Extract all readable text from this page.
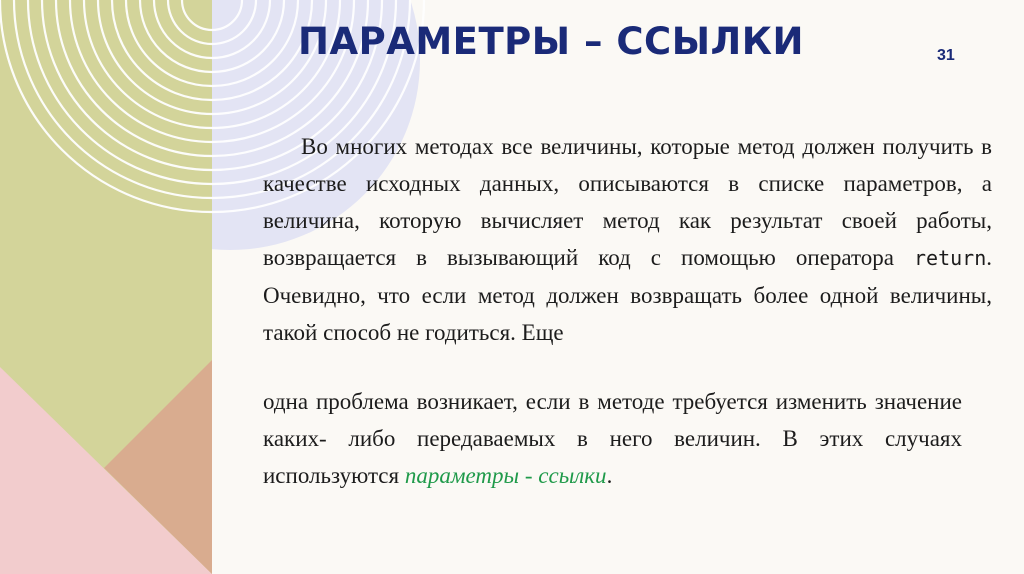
ПАРАМЕТРЫ – ССЫЛКИ	31

Во многих методах все величины, которые метод должен получить в качестве исходных данных, описываются в списке параметров, а величина, которую вычисляет метод как результат своей работы, возвращается в вызывающий код с помощью оператора return. Очевидно, что если метод должен возвращать более одной величины, такой способ не годиться. Еще

одна проблема возникает, если в методе требуется изменить значение каких- либо передаваемых в него величин. В этих случаях используются параметры - ссылки.
